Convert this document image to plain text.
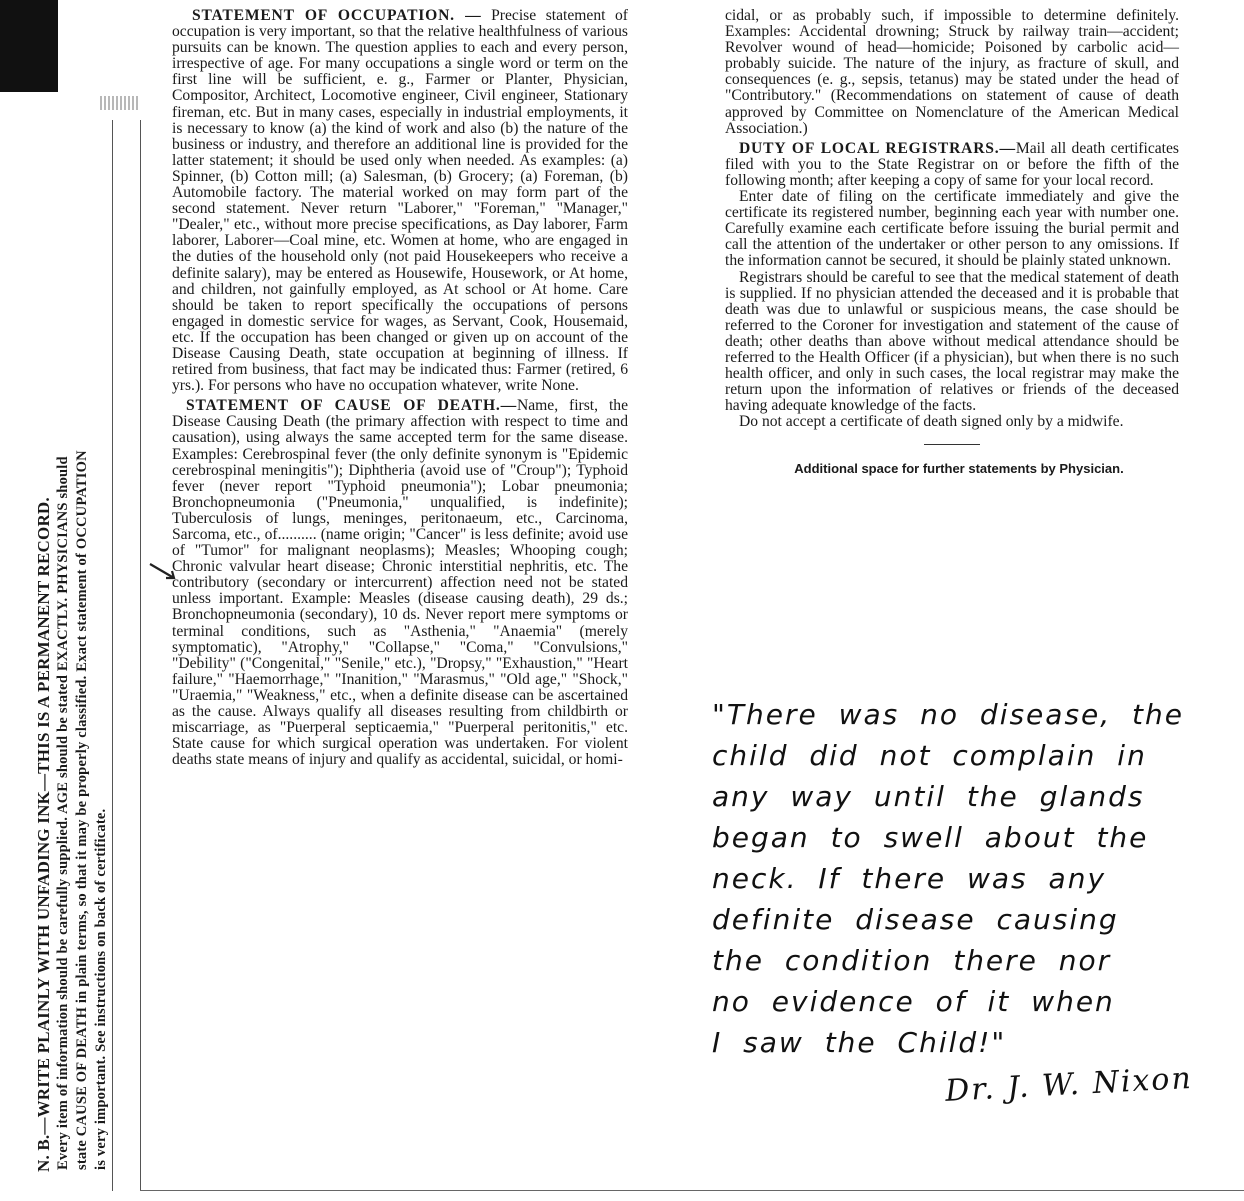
N. B.—WRITE PLAINLY WITH UNFADING INK—THIS IS A PERMANENT RECORD. Every item of information should be carefully supplied. AGE should be stated EXACTLY. PHYSICIANS should state CAUSE OF DEATH in plain terms, so that it may be properly classified. Exact statement of OCCUPATION is very important. See instructions on back of certificate.

STATEMENT OF OCCUPATION. — Precise statement of occupation is very important, so that the relative healthfulness of various pursuits can be known. The question applies to each and every person, irrespective of age. For many occupations a single word or term on the first line will be sufficient, e. g., Farmer or Planter, Physician, Compositor, Architect, Locomotive engineer, Civil engineer, Stationary fireman, etc. But in many cases, especially in industrial employments, it is necessary to know (a) the kind of work and also (b) the nature of the business or industry, and therefore an additional line is provided for the latter statement; it should be used only when needed. As examples: (a) Spinner, (b) Cotton mill; (a) Salesman, (b) Grocery; (a) Foreman, (b) Automobile factory. The material worked on may form part of the second statement. Never return "Laborer," "Foreman," "Manager," "Dealer," etc., without more precise specifications, as Day laborer, Farm laborer, Laborer—Coal mine, etc. Women at home, who are engaged in the duties of the household only (not paid Housekeepers who receive a definite salary), may be entered as Housewife, Housework, or At home, and children, not gainfully employed, as At school or At home. Care should be taken to report specifically the occupations of persons engaged in domestic service for wages, as Servant, Cook, Housemaid, etc. If the occupation has been changed or given up on account of the Disease Causing Death, state occupation at beginning of illness. If retired from business, that fact may be indicated thus: Farmer (retired, 6 yrs.). For persons who have no occupation whatever, write None.

STATEMENT OF CAUSE OF DEATH.—Name, first, the Disease Causing Death (the primary affection with respect to time and causation), using always the same accepted term for the same disease. Examples: Cerebrospinal fever (the only definite synonym is "Epidemic cerebrospinal meningitis"); Diphtheria (avoid use of "Croup"); Typhoid fever (never report "Typhoid pneumonia"); Lobar pneumonia; Bronchopneumonia ("Pneumonia," unqualified, is indefinite); Tuberculosis of lungs, meninges, peritonaeum, etc., Carcinoma, Sarcoma, etc., of.......... (name origin; "Cancer" is less definite; avoid use of "Tumor" for malignant neoplasms); Measles; Whooping cough; Chronic valvular heart disease; Chronic interstitial nephritis, etc. The contributory (secondary or intercurrent) affection need not be stated unless important. Example: Measles (disease causing death), 29 ds.; Bronchopneumonia (secondary), 10 ds. Never report mere symptoms or terminal conditions, such as "Asthenia," "Anaemia" (merely symptomatic), "Atrophy," "Collapse," "Coma," "Convulsions," "Debility" ("Congenital," "Senile," etc.), "Dropsy," "Exhaustion," "Heart failure," "Haemorrhage," "Inanition," "Marasmus," "Old age," "Shock," "Uraemia," "Weakness," etc., when a definite disease can be ascertained as the cause. Always qualify all diseases resulting from childbirth or miscarriage, as "Puerperal septicaemia," "Puerperal peritonitis," etc. State cause for which surgical operation was undertaken. For violent deaths state means of injury and qualify as accidental, suicidal, or homi-

cidal, or as probably such, if impossible to determine definitely. Examples: Accidental drowning; Struck by railway train—accident; Revolver wound of head—homicide; Poisoned by carbolic acid—probably suicide. The nature of the injury, as fracture of skull, and consequences (e. g., sepsis, tetanus) may be stated under the head of "Contributory." (Recommendations on statement of cause of death approved by Committee on Nomenclature of the American Medical Association.)

DUTY OF LOCAL REGISTRARS.—Mail all death certificates filed with you to the State Registrar on or before the fifth of the following month; after keeping a copy of same for your local record.

Enter date of filing on the certificate immediately and give the certificate its registered number, beginning each year with number one. Carefully examine each certificate before issuing the burial permit and call the attention of the undertaker or other person to any omissions. If the information cannot be secured, it should be plainly stated unknown.

Registrars should be careful to see that the medical statement of death is supplied. If no physician attended the deceased and it is probable that death was due to unlawful or suspicious means, the case should be referred to the Coroner for investigation and statement of the cause of death; other deaths than above without medical attendance should be referred to the Health Officer (if a physician), but when there is no such health officer, and only in such cases, the local registrar may make the return upon the information of relatives or friends of the deceased having adequate knowledge of the facts.

Do not accept a certificate of death signed only by a midwife.

Additional space for further statements by Physician.

"There was no disease, the
child did not complain in
any way until the glands
began to swell about the
neck. If there was any
definite disease causing
the condition there nor
no evidence of it when
I saw the Child!"
Dr. J. W. Nixon
